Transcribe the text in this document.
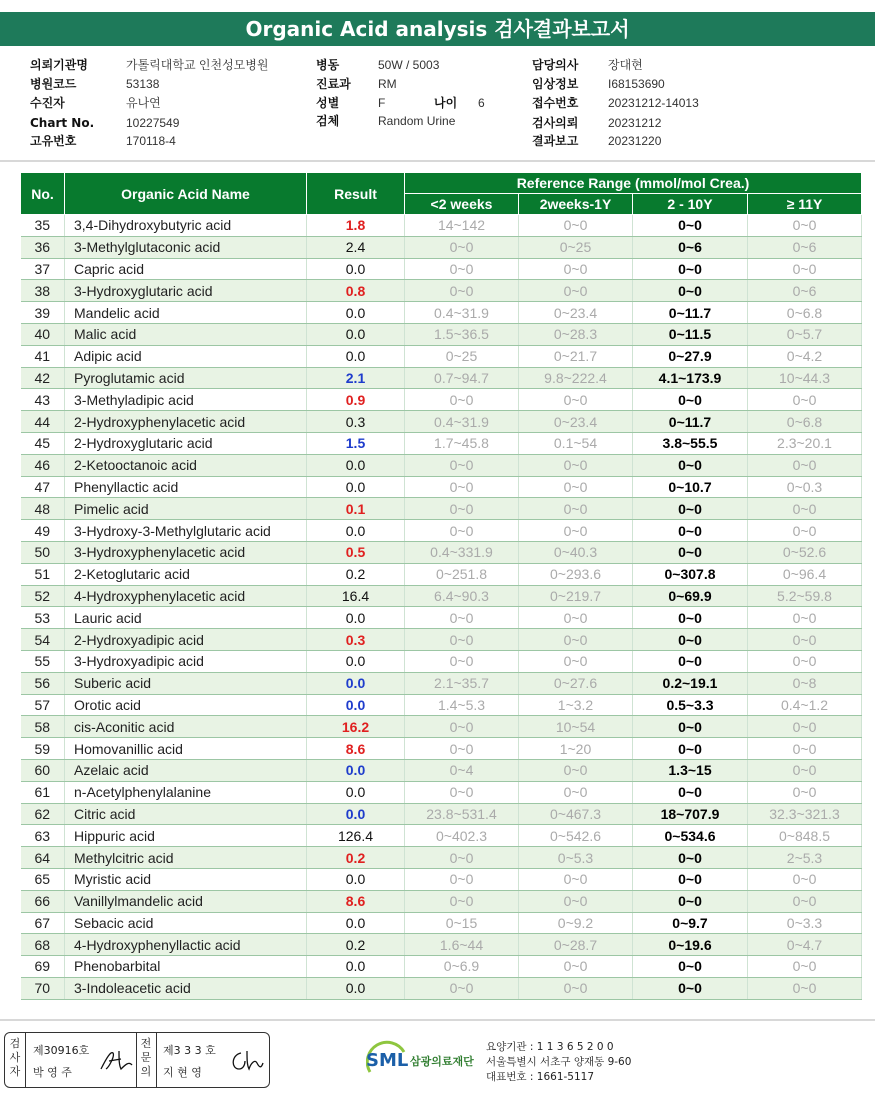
Organic Acid analysis 검사결과보고서
의뢰기관명	가톨릭대학교 인천성모병원
병원코드	53138
수진자	유나연
Chart No.	10227549
고유번호	170118-4
병동	50W / 5003
진료과 RM
성별	F	나이 6
검체	Random Urine
담당의사 장대현
임상정보 I68153690
접수번호 20231212-14013
검사의뢰 20231212
결과보고 20231220
No.	Organic Acid Name	Result	Reference Range (mmol/mol Crea.)			
			<2 weeks	2weeks-1Y	2 - 10Y	≥ 11Y
35	3,4-Dihydroxybutyric acid	1.8	14~142	0~0	0~0	0~0
36	3-Methylglutaconic acid	2.4	0~0	0~25	0~6	0~6
37	Capric acid	0.0	0~0	0~0	0~0	0~0
38	3-Hydroxyglutaric acid	0.8	0~0	0~0	0~0	0~6
39	Mandelic acid	0.0	0.4~31.9	0~23.4	0~11.7	0~6.8
40	Malic acid	0.0	1.5~36.5	0~28.3	0~11.5	0~5.7
41	Adipic acid	0.0	0~25	0~21.7	0~27.9	0~4.2
42	Pyroglutamic acid	2.1	0.7~94.7	9.8~222.4	4.1~173.9	10~44.3
43	3-Methyladipic acid	0.9	0~0	0~0	0~0	0~0
44	2-Hydroxyphenylacetic acid	0.3	0.4~31.9	0~23.4	0~11.7	0~6.8
45	2-Hydroxyglutaric acid	1.5	1.7~45.8	0.1~54	3.8~55.5	2.3~20.1
46	2-Ketooctanoic acid	0.0	0~0	0~0	0~0	0~0
47	Phenyllactic acid	0.0	0~0	0~0	0~10.7	0~0.3
48	Pimelic acid	0.1	0~0	0~0	0~0	0~0
49	3-Hydroxy-3-Methylglutaric acid	0.0	0~0	0~0	0~0	0~0
50	3-Hydroxyphenylacetic acid	0.5	0.4~331.9	0~40.3	0~0	0~52.6
51	2-Ketoglutaric acid	0.2	0~251.8	0~293.6	0~307.8	0~96.4
52	4-Hydroxyphenylacetic acid	16.4	6.4~90.3	0~219.7	0~69.9	5.2~59.8
53	Lauric acid	0.0	0~0	0~0	0~0	0~0
54	2-Hydroxyadipic acid	0.3	0~0	0~0	0~0	0~0
55	3-Hydroxyadipic acid	0.0	0~0	0~0	0~0	0~0
56	Suberic acid	0.0	2.1~35.7	0~27.6	0.2~19.1	0~8
57	Orotic acid	0.0	1.4~5.3	1~3.2	0.5~3.3	0.4~1.2
58	cis-Aconitic acid	16.2	0~0	10~54	0~0	0~0
59	Homovanillic acid	8.6	0~0	1~20	0~0	0~0
60	Azelaic acid	0.0	0~4	0~0	1.3~15	0~0
61	n-Acetylphenylalanine	0.0	0~0	0~0	0~0	0~0
62	Citric acid	0.0	23.8~531.4	0~467.3	18~707.9	32.3~321.3
63	Hippuric acid	126.4	0~402.3	0~542.6	0~534.6	0~848.5
64	Methylcitric acid	0.2	0~0	0~5.3	0~0	2~5.3
65	Myristic acid	0.0	0~0	0~0	0~0	0~0
66	Vanillylmandelic acid	8.6	0~0	0~0	0~0	0~0
67	Sebacic acid	0.0	0~15	0~9.2	0~9.7	0~3.3
68	4-Hydroxyphenyllactic acid	0.2	1.6~44	0~28.7	0~19.6	0~4.7
69	Phenobarbital	0.0	0~6.9	0~0	0~0	0~0
70	3-Indoleacetic acid	0.0	0~0	0~0	0~0	0~0
검
사
자
제30916호
박 영 주
전
문
의
제3 3 3 호
지 현 영
SML 삼광의료재단
요양기관 : 1 1 3 6 5 2 0 0
서울특별시 서초구 양재동 9-60
대표번호 : 1661-5117
